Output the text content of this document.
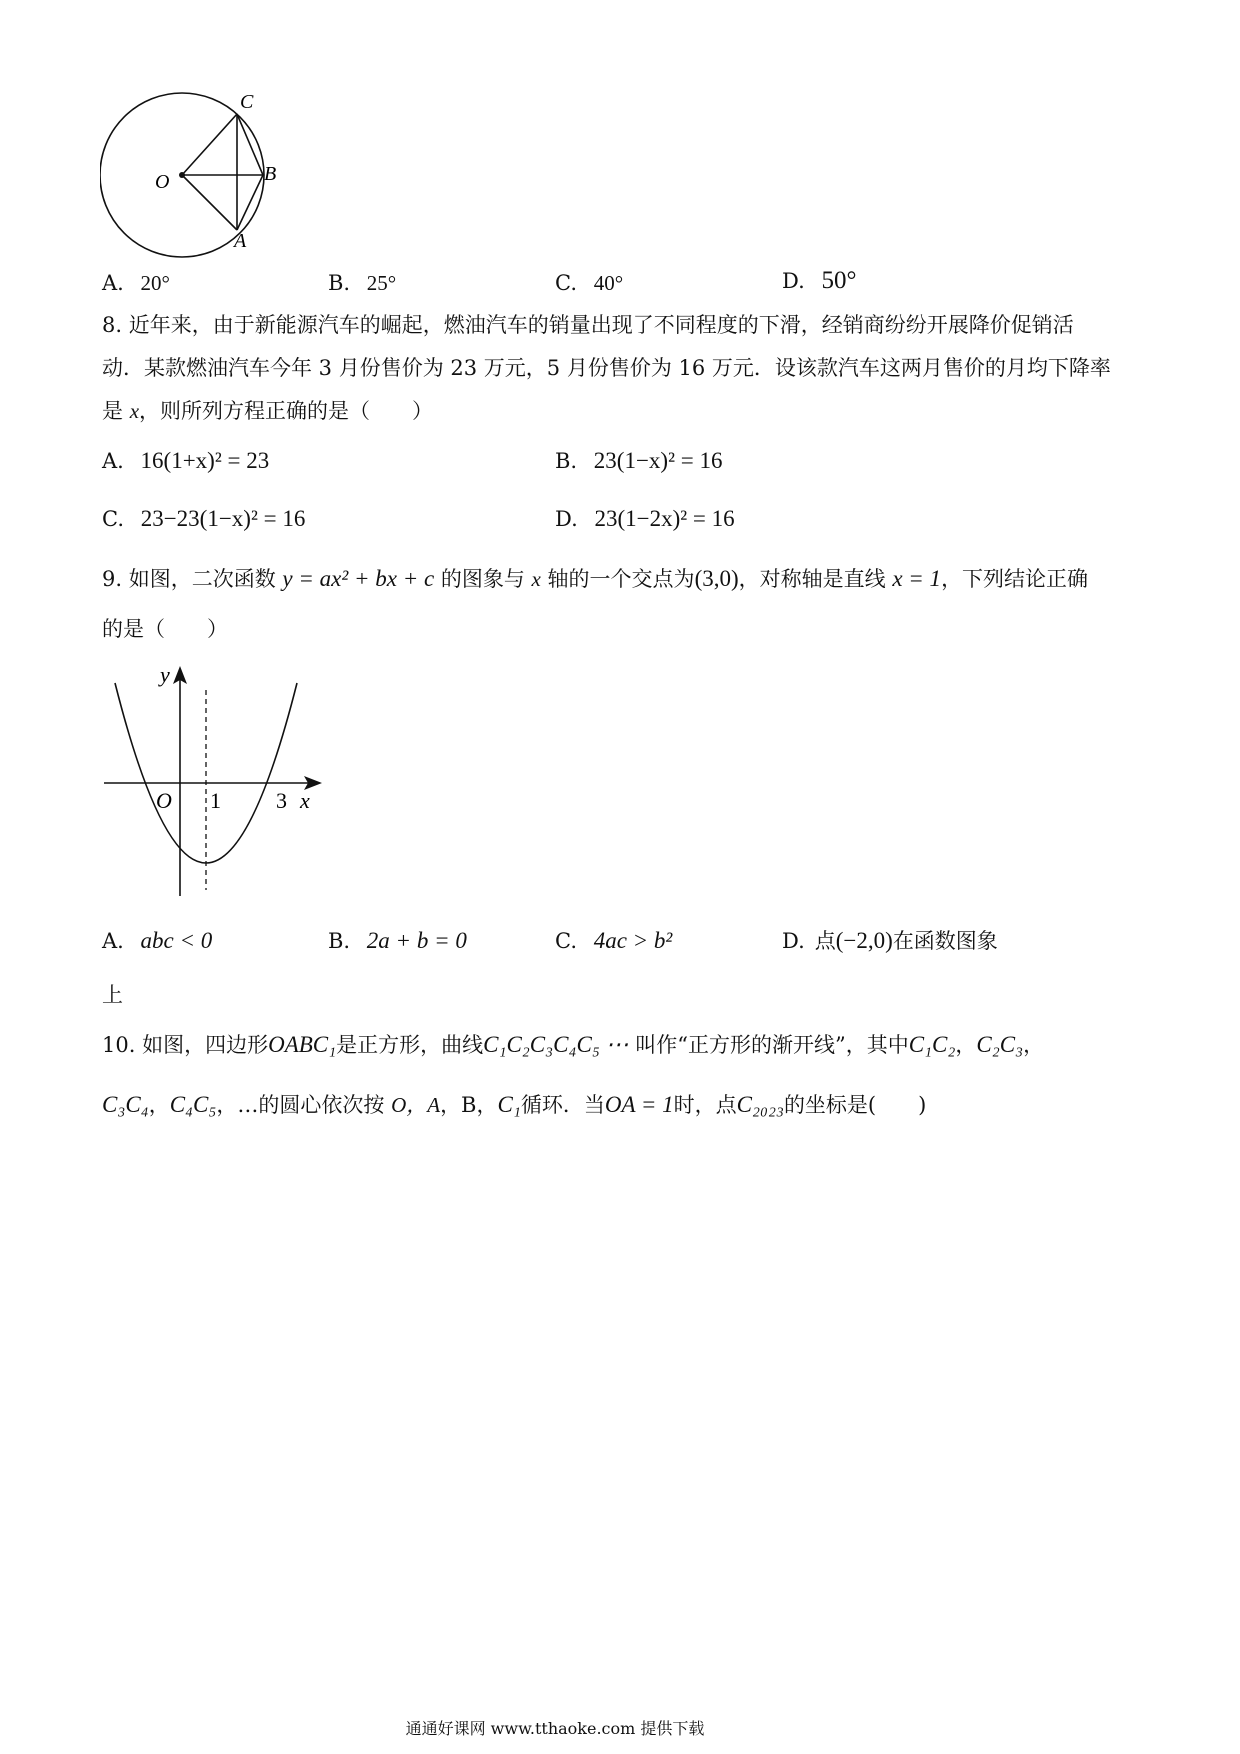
C
B
O
A
A. 20°	B. 25°	C. 40°	D. 50°
8. 近年来，由于新能源汽车的崛起，燃油汽车的销量出现了不同程度的下滑，经销商纷纷开展降价促销活
动．某款燃油汽车今年 3 月份售价为 23 万元，5 月份售价为 16 万元．设该款汽车这两月售价的月均下降率
是 x，则所列方程正确的是（　　）
A. 16(1+x)² = 23	B. 23(1−x)² = 16
C. 23−23(1−x)² = 16	D. 23(1−2x)² = 16
9. 如图，二次函数 y = ax² + bx + c 的图象与 x 轴的一个交点为(3,0)，对称轴是直线 x = 1，下列结论正确
的是（　　）
y
x
O 1	3
A. abc < 0	B. 2a + b = 0	C. 4ac > b²	D. 点(−2,0)在函数图象
上
10. 如图，四边形OABC₁是正方形，曲线C₁C₂C₃C₄C₅ ⋯ 叫作“正方形的渐开线”，其中C₁C₂，C₂C₃，
C₃C₄，C₄C₅，…的圆心依次按 O，A，B，C₁循环．当OA = 1时，点C₂₀₂₃的坐标是(　　)
通通好课网 www.tthaoke.com 提供下载
